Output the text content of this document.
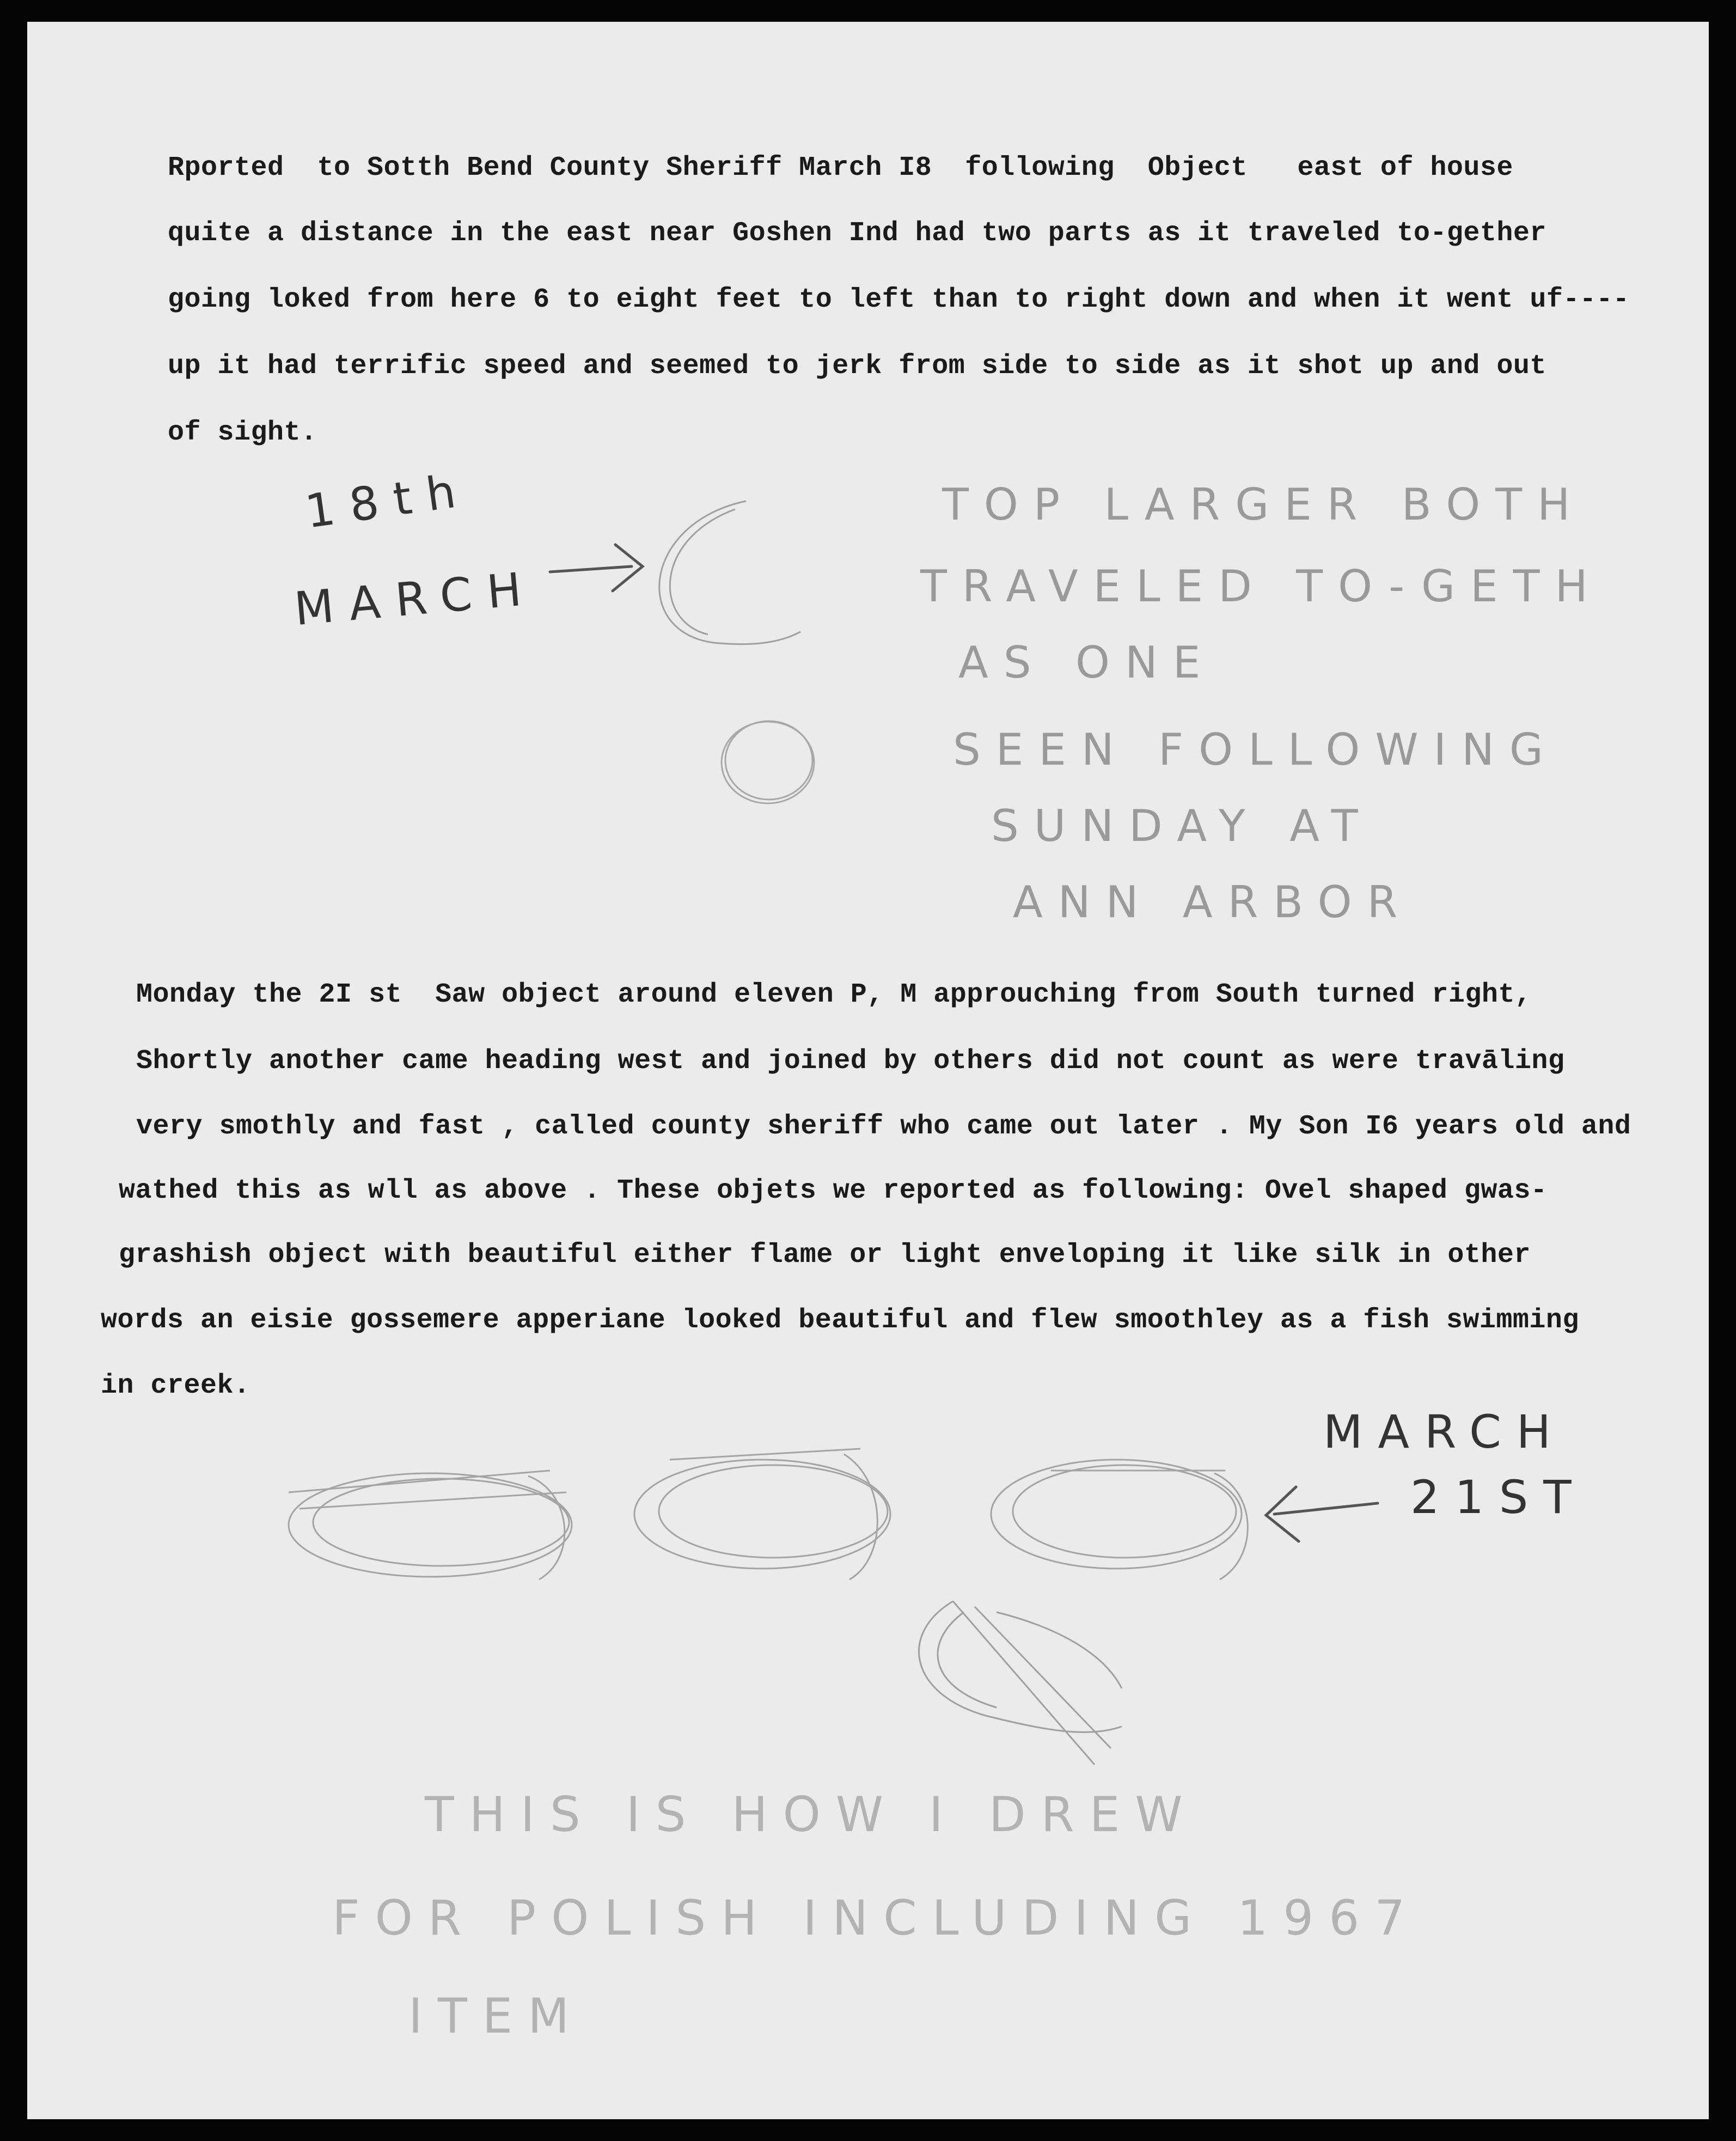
Rported  to Sotth Bend County Sheriff March I8  following  Object   east of house
quite a distance in the east near Goshen Ind had two parts as it traveled to-gether
going loked from here 6 to eight feet to left than to right down and when it went uf----
up it had terrific speed and seemed to jerk from side to side as it shot up and out
of sight.
18th
MARCH
TOP LARGER BOTH
TRAVELED TO-GETH
AS ONE
SEEN FOLLOWING
SUNDAY AT
ANN ARBOR
Monday the 2I st  Saw object around eleven P, M approuching from South turned right,
Shortly another came heading west and joined by others did not count as were travāling
very smothly and fast , called county sheriff who came out later . My Son I6 years old and
wathed this as wll as above . These objets we reported as following: Ovel shaped gwas-
grashish object with beautiful either flame or light enveloping it like silk in other
words an eisie gossemere apperiane looked beautiful and flew smoothley as a fish swimming
in creek.
MARCH
21ST
THIS IS HOW I DREW
FOR POLISH INCLUDING 1967
ITEM
